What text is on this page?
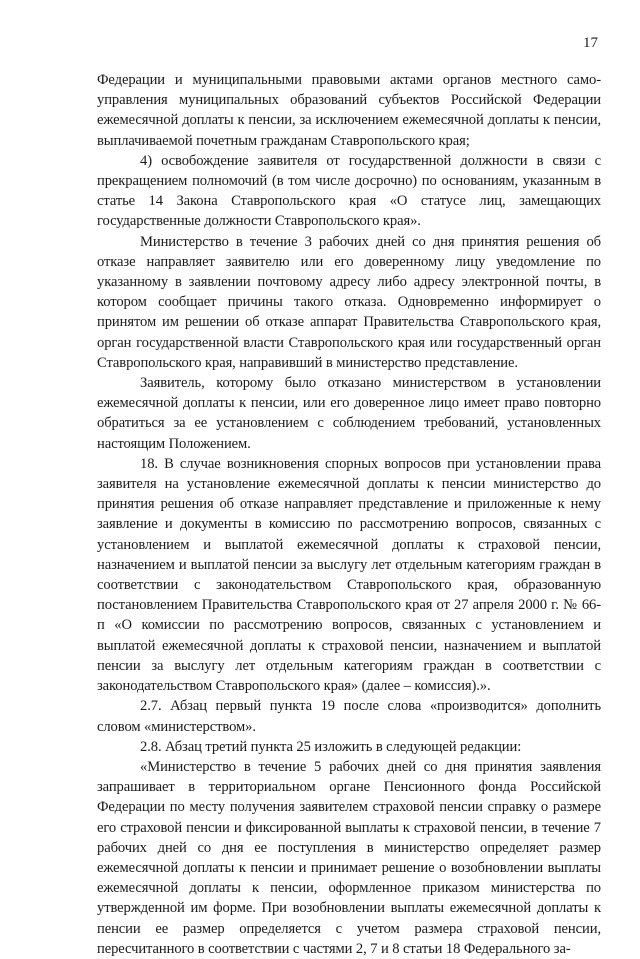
17

Федерации и муниципальными правовыми актами органов местного само-управления муниципальных образований субъектов Российской Федерации ежемесячной доплаты к пенсии, за исключением ежемесячной доплаты к пенсии, выплачиваемой почетным гражданам Ставропольского края;

4) освобождение заявителя от государственной должности в связи с прекращением полномочий (в том числе досрочно) по основаниям, указанным в статье 14 Закона Ставропольского края «О статусе лиц, замещающих государственные должности Ставропольского края».

Министерство в течение 3 рабочих дней со дня принятия решения об отказе направляет заявителю или его доверенному лицу уведомление по указанному в заявлении почтовому адресу либо адресу электронной почты, в котором сообщает причины такого отказа. Одновременно информирует о принятом им решении об отказе аппарат Правительства Ставропольского края, орган государственной власти Ставропольского края или государственный орган Ставропольского края, направивший в министерство представление.

Заявитель, которому было отказано министерством в установлении ежемесячной доплаты к пенсии, или его доверенное лицо имеет право повторно обратиться за ее установлением с соблюдением требований, установленных настоящим Положением.

18. В случае возникновения спорных вопросов при установлении права заявителя на установление ежемесячной доплаты к пенсии министерство до принятия решения об отказе направляет представление и приложенные к нему заявление и документы в комиссию по рассмотрению вопросов, связанных с установлением и выплатой ежемесячной доплаты к страховой пенсии, назначением и выплатой пенсии за выслугу лет отдельным категориям граждан в соответствии с законодательством Ставропольского края, образованную постановлением Правительства Ставропольского края от 27 апреля 2000 г. № 66-п «О комиссии по рассмотрению вопросов, связанных с установлением и выплатой ежемесячной доплаты к страховой пенсии, назначением и выплатой пенсии за выслугу лет отдельным категориям граждан в соответствии с законодательством Ставропольского края» (далее – комиссия).».

2.7. Абзац первый пункта 19 после слова «производится» дополнить словом «министерством».

2.8. Абзац третий пункта 25 изложить в следующей редакции:

«Министерство в течение 5 рабочих дней со дня принятия заявления запрашивает в территориальном органе Пенсионного фонда Российской Федерации по месту получения заявителем страховой пенсии справку о размере его страховой пенсии и фиксированной выплаты к страховой пенсии, в течение 7 рабочих дней со дня ее поступления в министерство определяет размер ежемесячной доплаты к пенсии и принимает решение о возобновлении выплаты ежемесячной доплаты к пенсии, оформленное приказом министерства по утвержденной им форме. При возобновлении выплаты ежемесячной доплаты к пенсии ее размер определяется с учетом размера страховой пенсии, пересчитанного в соответствии с частями 2, 7 и 8 статьи 18 Федерального за-
